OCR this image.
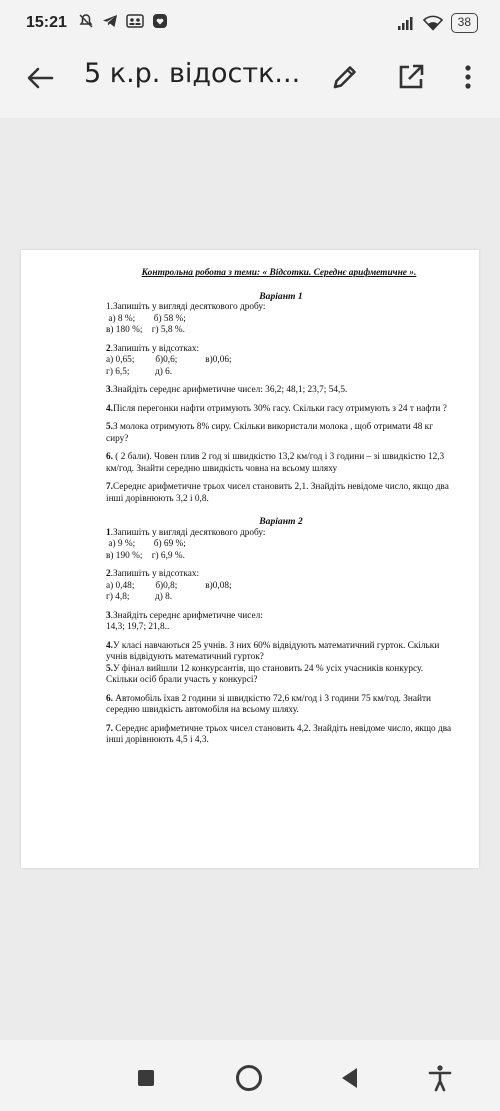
15:21	38
5 к.р. відостк...
Контрольна робота з теми: « Відсотки. Середнє арифметичне ».
Варіант 1

1.Запишіть у вигляді десяткового дробу:

а) 8 %;        б) 58 %;

в) 180 %;    г) 5,8 %.

2.Запишіть у відсотках:

а) 0,65;         б)0,6;            в)0,06;

г) 6,5;           д) 6.

3.Знайдіть середнє арифметичне чисел: 36,2; 48,1; 23,7; 54,5.

4.Після перегонки нафти отримують 30% гасу. Скільки гасу отримують з 24 т нафти ?

5.З молока отримують 8% сиру. Скільки використали молока , щоб отримати 48 кг сиру?

6. ( 2 бали). Човен плив 2 год зі швидкістю 13,2 км/год і 3 години – зі швидкістю 12,3 км/год. Знайти середню швидкість човна на всьому шляху

7.Середнє арифметичне трьох чисел становить 2,1. Знайдіть невідоме число, якщо два інші дорівнюють 3,2 і 0,8.

Варіант 2

1.Запишіть у вигляді десяткового дробу:

а) 9 %;        б) 69 %;

в) 190 %;    г) 6,9 %.

2.Запишіть у відсотках:

а) 0,48;         б)0,8;            в)0,08;

г) 4,8;           д) 8.

3.Знайдіть середнє арифметичне чисел:

14,3; 19,7; 21,8..

4.У класі навчаються 25 учнів. З них 60% відвідують математичний гурток. Скільки учнів відвідують математичний гурток?

5.У фінал вийшли 12 конкурсантів, що становить 24 % усіх учасників конкурсу. Скільки осіб брали участь у конкурсі?

6. Автомобіль їхав 2 години зі швидкістю 72,6 км/год і 3 години 75 км/год. Знайти середню швидкість автомобіля на всьому шляху.

7. Середнє арифметичне трьох чисел становить 4,2. Знайдіть невідоме число, якщо два інші дорівнюють 4,5 і 4,3.
